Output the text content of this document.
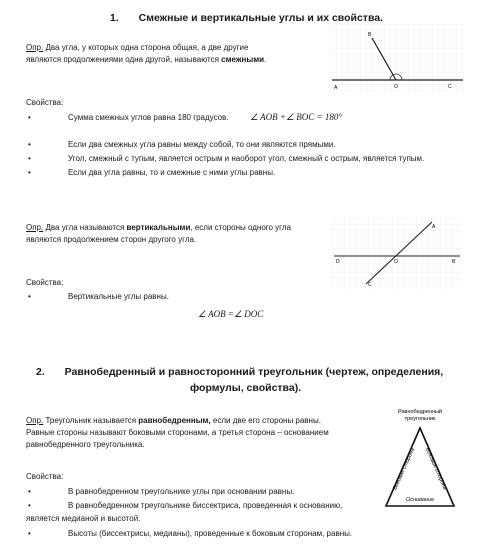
1. Смежные и вертикальные углы и их свойства.
Опр. Два угла, у которых одна сторона общая, а две другие
являются продолжениями одна другой, называются смежными.
A	O	C
B
Свойства:
•	Сумма смежных углов равна 180 градусов. ∠ AOB +∠ BOC = 180°
•	Если два смежных угла равны между собой, то они являются прямыми.
•	Угол, смежный с тупым, является острым и наоборот угол, смежный с острым, является тупым.
•	Если два угла равны, то и смежные с ними углы равны.
Опр. Два угла называются вертикальными, если стороны одного угла
являются продолжением сторон другого угла.
D	O	B
A
C
Свойства:
•	Вертикальные углы равны.
∠ AOB =∠ DOC
2. Равнобедренный и равносторонний треугольник (чертеж, определения,
формулы, свойства).
Опр. Треугольник называется равнобедренным, если две его стороны равны.
Равные стороны называют боковыми сторонами, а третья сторона – основанием
равнобедренного треугольника.
Равнобедренный
треугольник
Боковая сторона Боковая сторона
Основание
Свойства:
•	В равнобедренном треугольнике углы при основании равны.
•	В равнобедренном треугольнике биссектриса, проведенная к основанию,
является медианой и высотой.
•	Высоты (биссектрисы, медианы), проведенные к боковым сторонам, равны.
